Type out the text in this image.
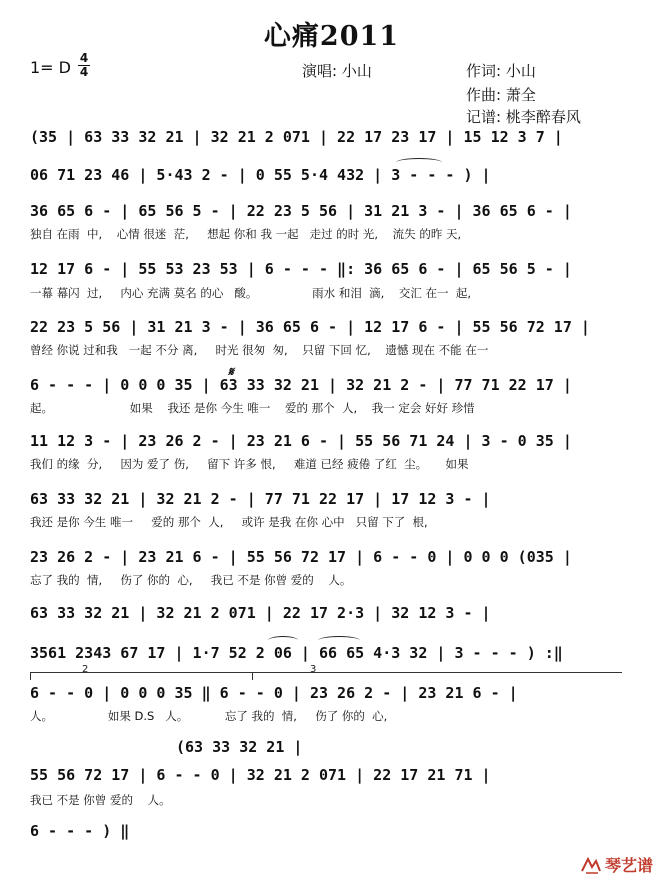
心痛2011
1= D 4
4	演唱: 小山	作词: 小山
作曲: 萧全
记谱: 桃李醉春风
(35 | 63 33 32 21 | 32 21 2 071 | 22 17 23 17 | 15 12 3 7 |
06 71 23 46 | 5·43 2 - | 0 55 5·4 432 | 3 - - - ) |
36 65 6 - | 65 56 5 - | 22 23 5 56 | 31 21 3 - | 36 65 6 - |
独自 在雨  中,    心情 很迷  茫,     想起 你和 我 一起   走过 的时 光,    流失 的昨 天,
12 17 6 - | 55 53 23 53 | 6 - - - ‖: 36 65 6 - | 65 56 5 - |
一幕 幕闪  过,     内心 充满 莫名 的心   酸。               雨水 和泪  滴,    交汇 在一  起,
22 23 5 56 | 31 21 3 - | 36 65 6 - | 12 17 6 - | 55 56 72 17 |
曾经 你说 过和我   一起 不分 离,     时光 很匆  匆,    只留 下回 忆,    遗憾 现在 不能 在一
𝄋
6 - - - | 0 0 0 35 | 63 33 32 21 | 32 21 2 - | 77 71 22 17 |
起。                     如果    我还 是你 今生 唯一    爱的 那个  人,    我一 定会 好好 珍惜
11 12 3 - | 23 26 2 - | 23 21 6 - | 55 56 71 24 | 3 - 0 35 |
我们 的缘  分,     因为 爱了 伤,     留下 许多 恨,     难道 已经 疲倦 了红  尘。     如果
63 33 32 21 | 32 21 2 - | 77 71 22 17 | 17 12 3 - |
我还 是你 今生 唯一     爱的 那个  人,     或许 是我 在你 心中   只留 下了  根,
23 26 2 - | 23 21 6 - | 55 56 72 17 | 6 - - 0 | 0 0 0 (035 |
忘了 我的  情,     伤了 你的  心,     我已 不是 你曾 爱的    人。
63 33 32 21 | 32 21 2 071 | 22 17 2·3 | 32 12 3 - |
3561 2343 67 17 | 1·7 52 2 06 | 66 65 4·3 32 | 3 - - - ) :‖
2	3
6 - - 0 | 0 0 0 35 ‖ 6 - - 0 | 23 26 2 - | 23 21 6 - |
人。               如果 D.S   人。          忘了 我的  情,     伤了 你的  心,
(63 33 32 21 |
55 56 72 17 | 6 - - 0 | 32 21 2 071 | 22 17 21 71 |
我已 不是 你曾 爱的    人。
6 - - - ) ‖
琴艺谱
